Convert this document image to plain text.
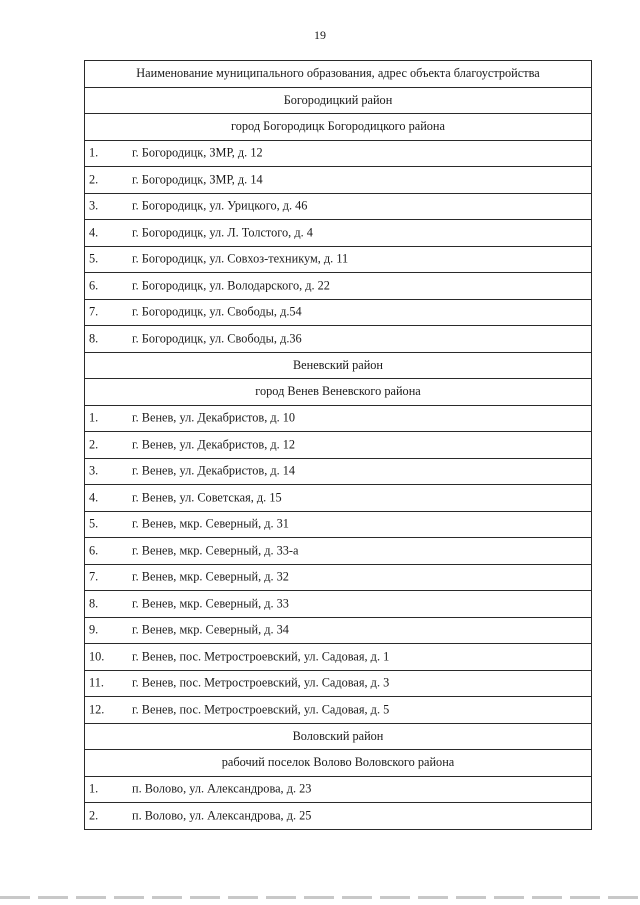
19
Наименование муниципального образования, адрес объекта благоустройства
Богородицкий район
город Богородицк Богородицкого района

1.	г. Богородицк, ЗМР, д. 12

2.	г. Богородицк, ЗМР, д. 14

3.	г. Богородицк, ул. Урицкого, д. 46

4.	г. Богородицк, ул. Л. Толстого, д. 4

5.	г. Богородицк, ул. Совхоз-техникум, д. 11

6.	г. Богородицк, ул. Володарского, д. 22

7.	г. Богородицк, ул. Свободы, д.54

8.	г. Богородицк, ул. Свободы, д.36

Веневский район
город Венев Веневского района

1.	г. Венев, ул. Декабристов, д. 10

2.	г. Венев, ул. Декабристов, д. 12

3.	г. Венев, ул. Декабристов, д. 14

4.	г. Венев, ул. Советская, д. 15

5.	г. Венев, мкр. Северный, д. 31

6.	г. Венев, мкр. Северный, д. 33-а

7.	г. Венев, мкр. Северный, д. 32

8.	г. Венев, мкр. Северный, д. 33

9.	г. Венев, мкр. Северный, д. 34

10. г. Венев, пос. Метростроевский, ул. Садовая, д. 1

11. г. Венев, пос. Метростроевский, ул. Садовая, д. 3

12. г. Венев, пос. Метростроевский, ул. Садовая, д. 5

Воловский район
рабочий поселок Волово Воловского района

1.	п. Волово, ул. Александрова, д. 23

2.	п. Волово, ул. Александрова, д. 25
